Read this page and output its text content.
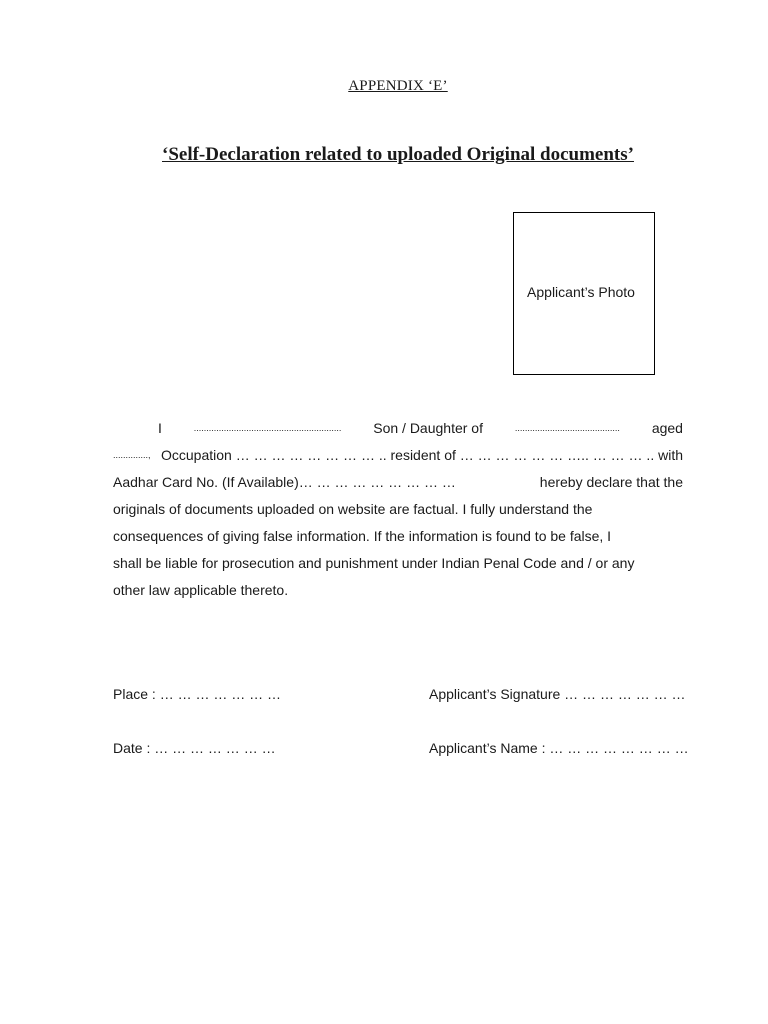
APPENDIX ‘E’
‘Self-Declaration related to uploaded Original documents’
Applicant’s Photo
I	........................................................... Son / Daughter of	.......................................... aged
.............., Occupation … … … … … … … … .. resident of … … … … … … ….. … … … .. with
Aadhar Card No. (If Available)… … … … … … … … …	hereby declare that the
originals of documents uploaded on website are factual. I fully understand the
consequences of giving false information. If the information is found to be false, I
shall be liable for prosecution and punishment under Indian Penal Code and / or any
other law applicable thereto.
Place : … … … … … … …	Applicant’s Signature … … … … … … …
Date : … … … … … … …	Applicant’s Name : … … … … … … … …
